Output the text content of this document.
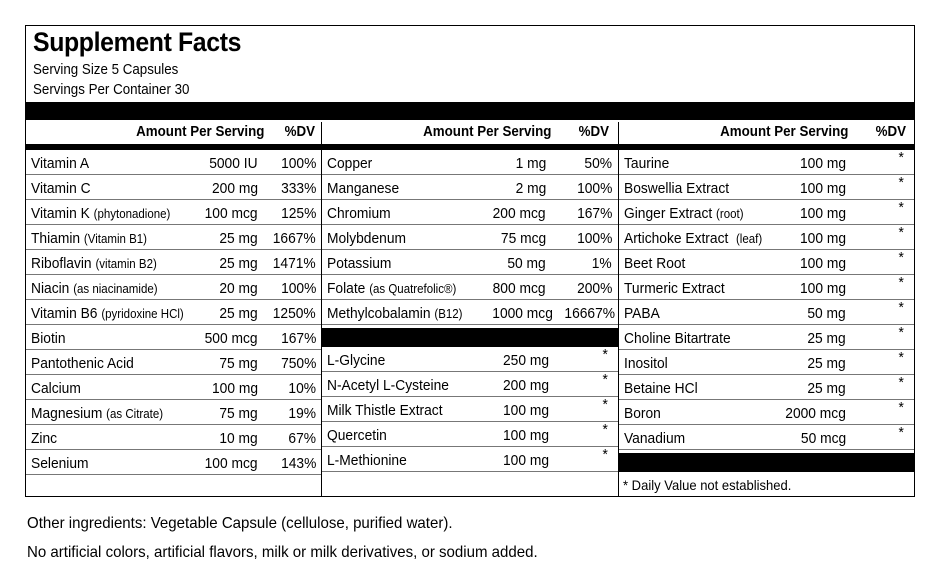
Supplement Facts
Serving Size 5 Capsules
Servings Per Container 30
Amount Per Serving %DV
Vitamin A	5000 IU 100%
Vitamin C	200 mg 333%
Vitamin K (phytonadione) 100 mcg 125%
Thiamin (Vitamin B1)	25 mg 1667%
Riboflavin (vitamin B2)	25 mg 1471%
Niacin (as niacinamide)	20 mg 100%
Vitamin B6 (pyridoxine HCl) 25 mg 1250%
Biotin	500 mcg 167%
Pantothenic Acid	75 mg 750%
Calcium	100 mg 10%
Magnesium (as Citrate)	75 mg 19%
Zinc	10 mg 67%
Selenium	100 mcg 143%
Amount Per Serving %DV
Copper	1 mg	50%
Manganese	2 mg 100%
Chromium	200 mcg 167%
Molybdenum	75 mcg 100%
Potassium	50 mg	1%
Folate (as Quatrefolic®) 800 mcg 200%
Methylcobalamin (B12) 1000 mcg 16667%
L-Glycine	250 mg	*
N-Acetyl L-Cysteine	200 mg	*
Milk Thistle Extract	100 mg	*
Quercetin	100 mg	*
L-Methionine	100 mg	*
Amount Per Serving %DV
Taurine	100 mg	*
Boswellia Extract	100 mg	*
Ginger Extract (root)	100 mg	*
Artichoke Extract  (leaf)	100 mg	*
Beet Root	100 mg	*
Turmeric Extract	100 mg	*
PABA	50 mg	*
Choline Bitartrate	25 mg	*
Inositol	25 mg	*
Betaine HCl	25 mg	*
Boron	2000 mcg	*
Vanadium	50 mcg	*
* Daily Value not established.
Other ingredients: Vegetable Capsule (cellulose, purified water).
No artificial colors, artificial flavors, milk or milk derivatives, or sodium added.
